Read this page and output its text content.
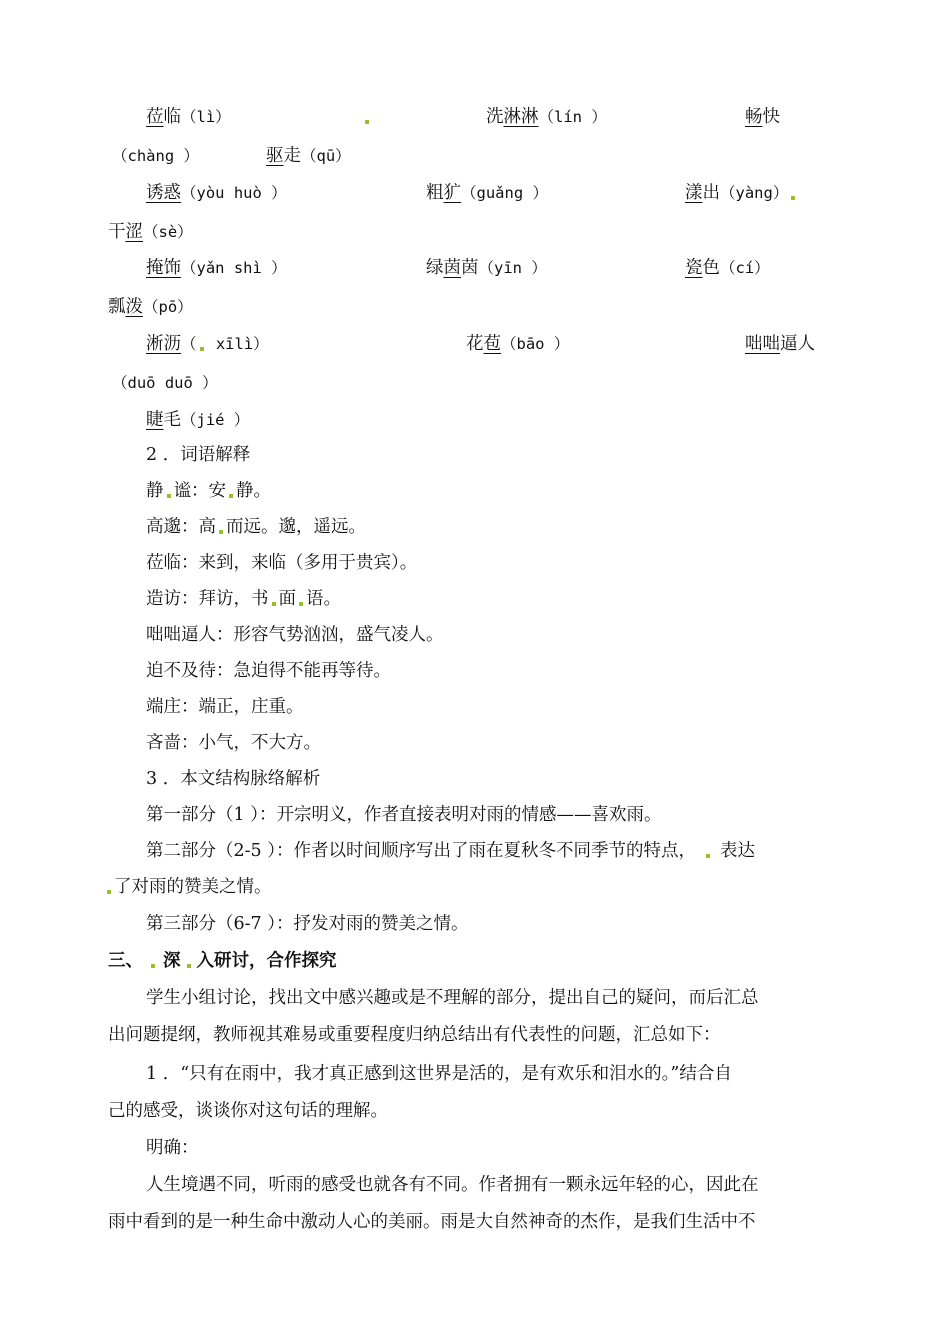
莅临（lì）	洗淋淋（lín ）	畅快
（chàng ）	驱走（qū）
诱惑（yòu huò ）	粗犷（guǎng ）	漾出（yàng）
干涩（sè）
掩饰（yǎn shì ）	绿茵茵（yīn ）	瓷色（cí）
瓢泼（pō）
淅沥（ xīlì）	花苞（bāo ）	咄咄逼人
（duō duō ）
睫毛（jié ）
2 ．词语解释
静 谧：安 静。
高邈：高 而远。邈，遥远。
莅临：来到，来临（多用于贵宾）。
造访：拜访，书 面 语。
咄咄逼人：形容气势汹汹，盛气凌人。
迫不及待：急迫得不能再等待。
端庄：端正，庄重。
吝啬：小气，不大方。
3 ．本文结构脉络解析
第一部分（1 ）：开宗明义，作者直接表明对雨的情感——喜欢雨。
第二部分（2-5 ）：作者以时间顺序写出了雨在夏秋冬不同季节的特点， 表达
了对雨的赞美之情。
第三部分（6-7 ）：抒发对雨的赞美之情。
三、 深 入研讨，合作探究
学生小组讨论，找出文中感兴趣或是不理解的部分，提出自己的疑问，而后汇总
出问题提纲，教师视其难易或重要程度归纳总结出有代表性的问题，汇总如下：
1 ．“只有在雨中，我才真正感到这世界是活的，是有欢乐和泪水的。”结合自
己的感受，谈谈你对这句话的理解。
明确：
人生境遇不同，听雨的感受也就各有不同。作者拥有一颗永远年轻的心，因此在
雨中看到的是一种生命中激动人心的美丽。雨是大自然神奇的杰作，是我们生活中不
